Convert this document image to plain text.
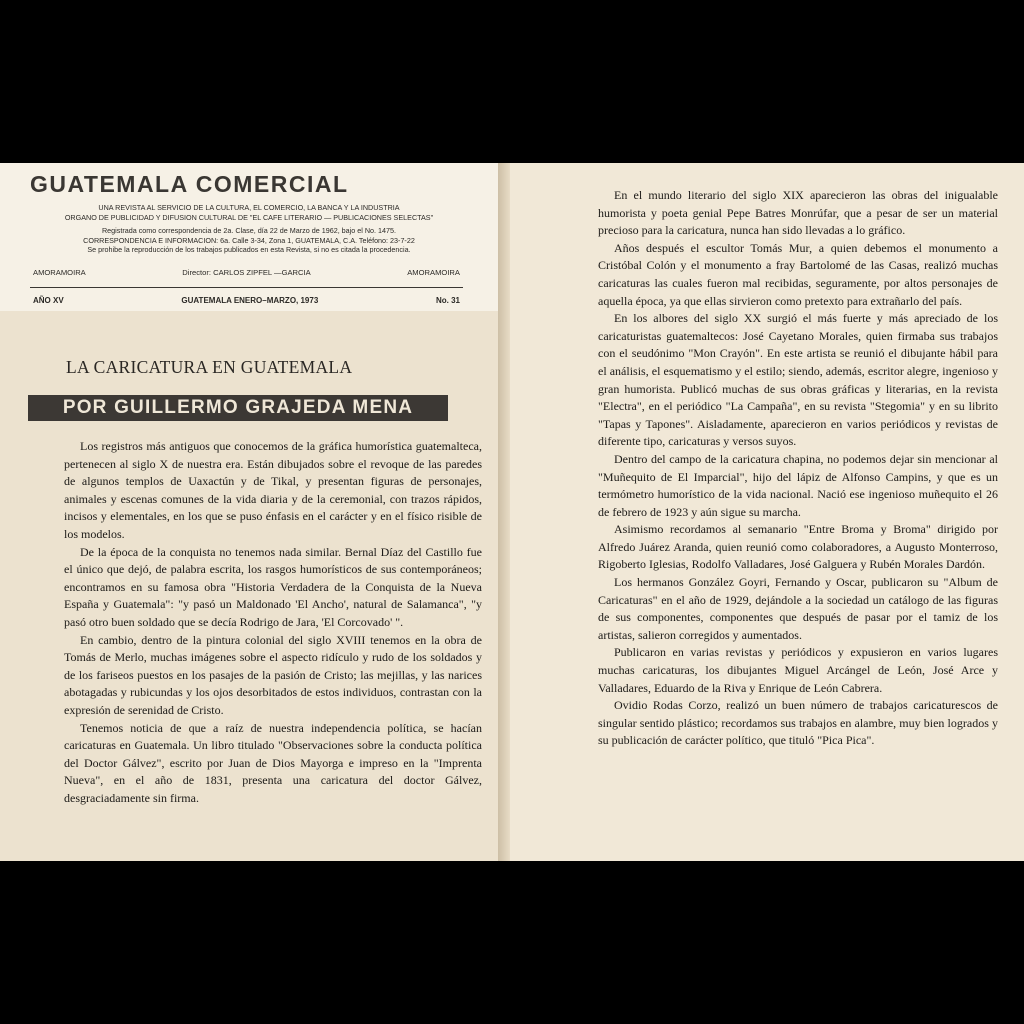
GUATEMALA COMERCIAL
UNA REVISTA AL SERVICIO DE LA CULTURA, EL COMERCIO, LA BANCA Y LA INDUSTRIA
ORGANO DE PUBLICIDAD Y DIFUSION CULTURAL DE "EL CAFE LITERARIO — PUBLICACIONES SELECTAS"
Registrada como correspondencia de 2a. Clase, día 22 de Marzo de 1962, bajo el No. 1475.
CORRESPONDENCIA E INFORMACION: 6a. Calle 3-34, Zona 1, GUATEMALA, C.A. Teléfono: 23-7-22
Se prohibe la reproducción de los trabajos publicados en esta Revista, si no es citada la procedencia.
AMORAMOIRA	Director: CARLOS ZIPFEL —GARCIA	AMORAMOIRA
AÑO XV	GUATEMALA ENERO–MARZO, 1973	No. 31
LA CARICATURA EN GUATEMALA
POR GUILLERMO GRAJEDA MENA

Los registros más antiguos que conocemos de la gráfica humorística guatemalteca, pertenecen al siglo X de nuestra era. Están dibujados sobre el revoque de las paredes de algunos templos de Uaxactún y de Tikal, y presentan figuras de personajes, animales y escenas comunes de la vida diaria y de la ceremonial, con trazos rápidos, incisos y elementales, en los que se puso énfasis en el carácter y en el físico risible de los modelos.

De la época de la conquista no tenemos nada similar. Bernal Díaz del Castillo fue el único que dejó, de palabra escrita, los rasgos humorísticos de sus contemporáneos; encontramos en su famosa obra "Historia Verdadera de la Conquista de la Nueva España y Guatemala": "y pasó un Maldonado 'El Ancho', natural de Salamanca", "y pasó otro buen soldado que se decía Rodrigo de Jara, 'El Corcovado' ".

En cambio, dentro de la pintura colonial del siglo XVIII tenemos en la obra de Tomás de Merlo, muchas imágenes sobre el aspecto ridículo y rudo de los soldados y de los fariseos puestos en los pasajes de la pasión de Cristo; las mejillas, y las narices abotagadas y rubicundas y los ojos desorbitados de estos individuos, contrastan con la expresión de serenidad de Cristo.

Tenemos noticia de que a raíz de nuestra independencia política, se hacían caricaturas en Guatemala. Un libro titulado "Observaciones sobre la conducta política del Doctor Gálvez", escrito por Juan de Dios Mayorga e impreso en la "Imprenta Nueva", en el año de 1831, presenta una caricatura del doctor Gálvez, desgraciadamente sin firma.

En el mundo literario del siglo XIX aparecieron las obras del inigualable humorista y poeta genial Pepe Batres Monrúfar, que a pesar de ser un material precioso para la caricatura, nunca han sido llevadas a lo gráfico.

Años después el escultor Tomás Mur, a quien debemos el monumento a Cristóbal Colón y el monumento a fray Bartolomé de las Casas, realizó muchas caricaturas las cuales fueron mal recibidas, seguramente, por altos personajes de aquella época, ya que ellas sirvieron como pretexto para extrañarlo del país.

En los albores del siglo XX surgió el más fuerte y más apreciado de los caricaturistas guatemaltecos: José Cayetano Morales, quien firmaba sus trabajos con el seudónimo "Mon Crayón". En este artista se reunió el dibujante hábil para el análisis, el esquematismo y el estilo; siendo, además, escritor alegre, ingenioso y gran humorista. Publicó muchas de sus obras gráficas y literarias, en la revista "Electra", en el periódico "La Campaña", en su revista "Stegomia" y en su librito "Tapas y Tapones". Aisladamente, aparecieron en varios periódicos y revistas de diferente tipo, caricaturas y versos suyos.

Dentro del campo de la caricatura chapina, no podemos dejar sin mencionar al "Muñequito de El Imparcial", hijo del lápiz de Alfonso Campins, y que es un termómetro humorístico de la vida nacional. Nació ese ingenioso muñequito el 26 de febrero de 1923 y aún sigue su marcha.

Asimismo recordamos al semanario "Entre Broma y Broma" dirigido por Alfredo Juárez Aranda, quien reunió como colaboradores, a Augusto Monterroso, Rigoberto Iglesias, Rodolfo Valladares, José Galguera y Rubén Morales Dardón.

Los hermanos González Goyri, Fernando y Oscar, publicaron su "Album de Caricaturas" en el año de 1929, dejándole a la sociedad un catálogo de las figuras de sus componentes, componentes que después de pasar por el tamiz de los artistas, salieron corregidos y aumentados.

Publicaron en varias revistas y periódicos y expusieron en varios lugares muchas caricaturas, los dibujantes Miguel Arcángel de León, José Arce y Valladares, Eduardo de la Riva y Enrique de León Cabrera.

Ovidio Rodas Corzo, realizó un buen número de trabajos caricaturescos de singular sentido plástico; recordamos sus trabajos en alambre, muy bien logrados y su publicación de carácter político, que tituló "Pica Pica".
